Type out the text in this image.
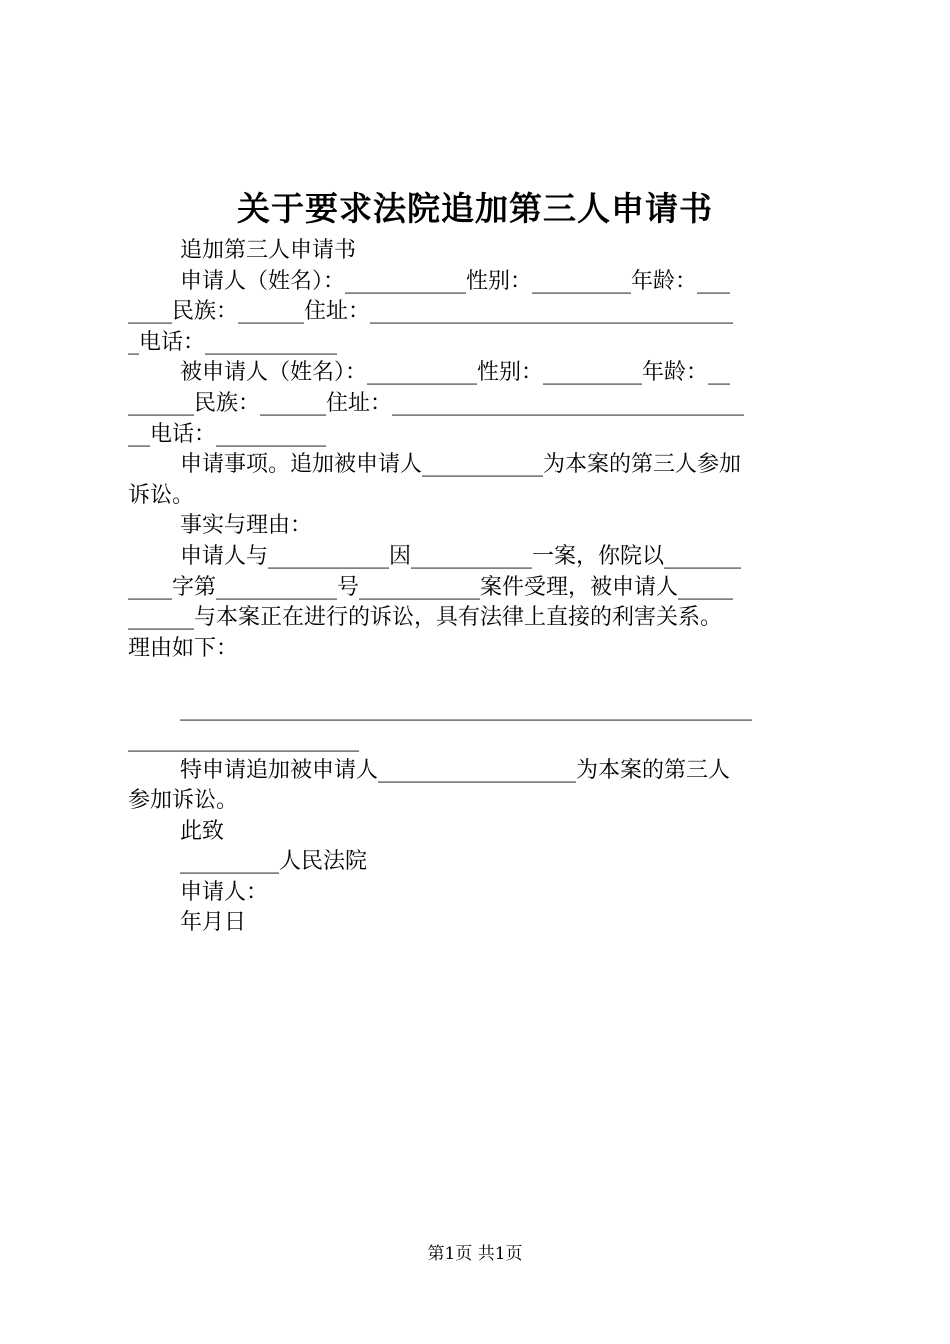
关于要求法院追加第三人申请书
追加第三人申请书
申请人（姓名）：___________性别：_________年龄：___
____民族：______住址：_________________________________
_电话：____________
被申请人（姓名）：__________性别：_________年龄：__
______民族：______住址：________________________________
__电话：__________
申请事项。追加被申请人___________为本案的第三人参加
诉讼。
事实与理由：
申请人与___________因___________一案，你院以_______
____字第___________号___________案件受理，被申请人_____
______与本案正在进行的诉讼，具有法律上直接的利害关系。
理由如下：
____________________________________________________
_____________________
特申请追加被申请人__________________为本案的第三人
参加诉讼。
此致
_________人民法院
申请人：
年月日
第1页 共1页
